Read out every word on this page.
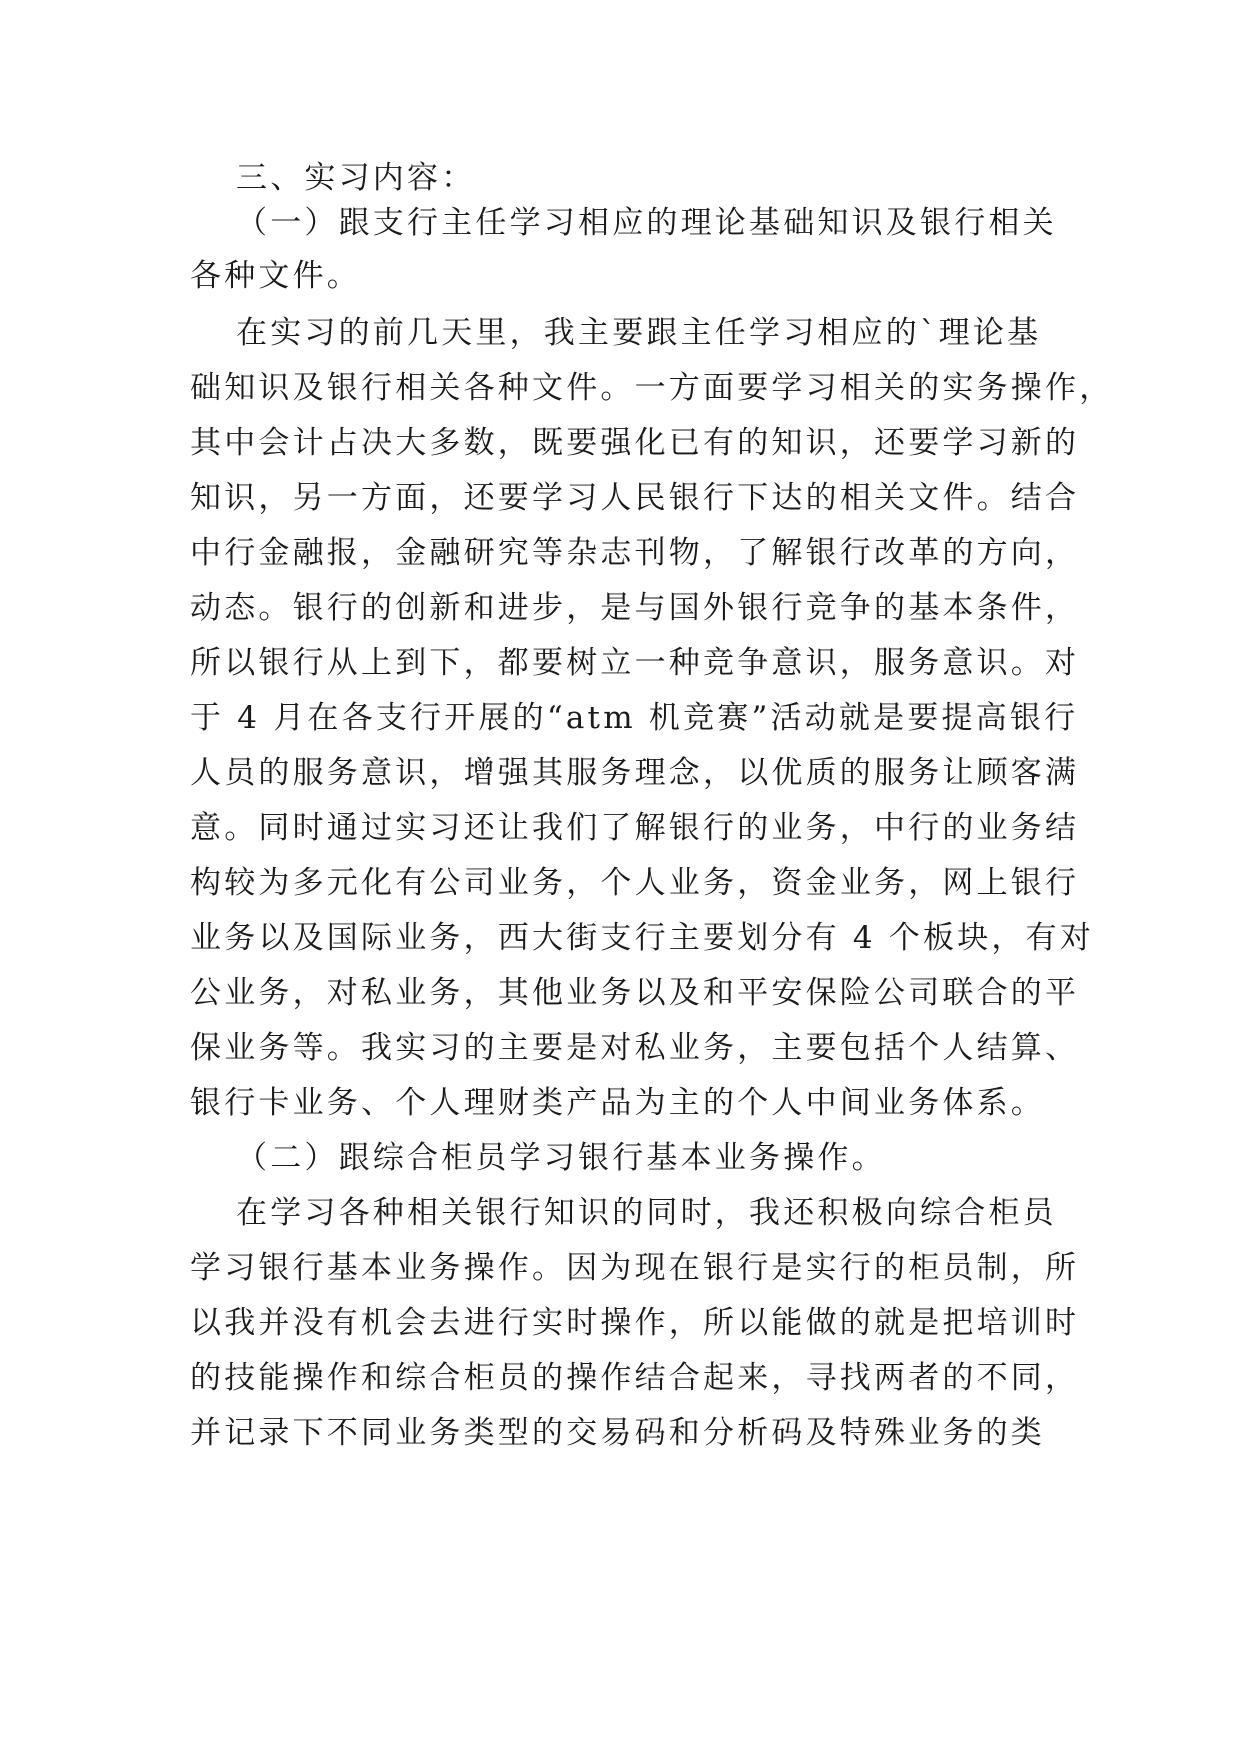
三、实习内容：
（一）跟支行主任学习相应的理论基础知识及银行相关
各种文件。
在实习的前几天里，我主要跟主任学习相应的`理论基
础知识及银行相关各种文件。一方面要学习相关的实务操作，
其中会计占决大多数，既要强化已有的知识，还要学习新的
知识，另一方面，还要学习人民银行下达的相关文件。结合
中行金融报，金融研究等杂志刊物，了解银行改革的方向，
动态。银行的创新和进步，是与国外银行竞争的基本条件，
所以银行从上到下，都要树立一种竞争意识，服务意识。对
于 4 月在各支行开展的“atm 机竞赛”活动就是要提高银行
人员的服务意识，增强其服务理念，以优质的服务让顾客满
意。同时通过实习还让我们了解银行的业务，中行的业务结
构较为多元化有公司业务，个人业务，资金业务，网上银行
业务以及国际业务，西大街支行主要划分有 4 个板块，有对
公业务，对私业务，其他业务以及和平安保险公司联合的平
保业务等。我实习的主要是对私业务，主要包括个人结算、
银行卡业务、个人理财类产品为主的个人中间业务体系。
（二）跟综合柜员学习银行基本业务操作。
在学习各种相关银行知识的同时，我还积极向综合柜员
学习银行基本业务操作。因为现在银行是实行的柜员制，所
以我并没有机会去进行实时操作，所以能做的就是把培训时
的技能操作和综合柜员的操作结合起来，寻找两者的不同，
并记录下不同业务类型的交易码和分析码及特殊业务的类
